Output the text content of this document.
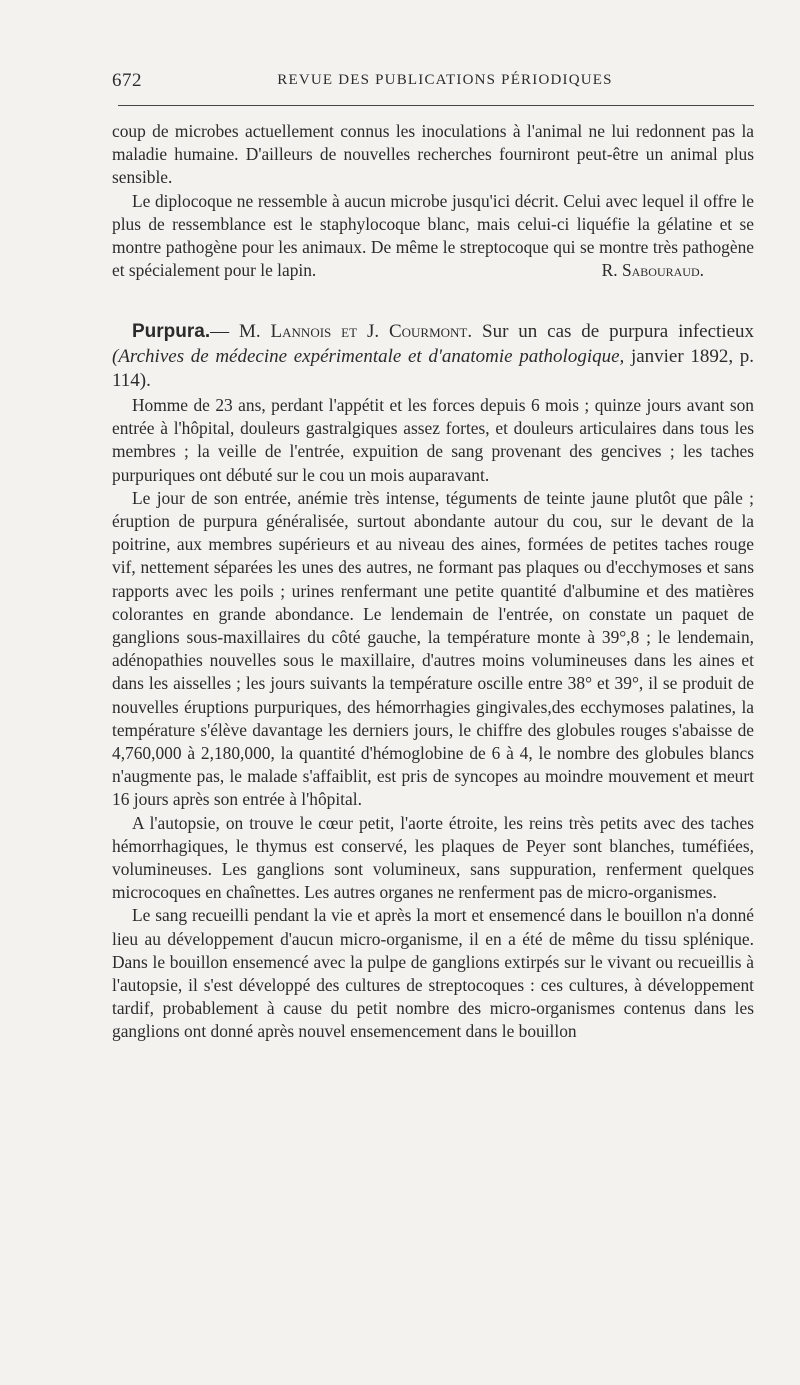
672	REVUE DES PUBLICATIONS PÉRIODIQUES

coup de microbes actuellement connus les inoculations à l'animal ne lui redonnent pas la maladie humaine. D'ailleurs de nouvelles recherches fourniront peut-être un animal plus sensible.

Le diplocoque ne ressemble à aucun microbe jusqu'ici décrit. Celui avec lequel il offre le plus de ressemblance est le staphylocoque blanc, mais celui-ci liquéfie la gélatine et se montre pathogène pour les animaux. De même le streptocoque qui se montre très pathogène et spécialement pour le lapin.	R. Sabouraud.

Purpura.— M. Lannois et J. Courmont. Sur un cas de purpura infectieux (Archives de médecine expérimentale et d'anatomie pathologique, janvier 1892, p. 114).

Homme de 23 ans, perdant l'appétit et les forces depuis 6 mois ; quinze jours avant son entrée à l'hôpital, douleurs gastralgiques assez fortes, et douleurs articulaires dans tous les membres ; la veille de l'entrée, expuition de sang provenant des gencives ; les taches purpuriques ont débuté sur le cou un mois auparavant.

Le jour de son entrée, anémie très intense, téguments de teinte jaune plutôt que pâle ; éruption de purpura généralisée, surtout abondante autour du cou, sur le devant de la poitrine, aux membres supérieurs et au niveau des aines, formées de petites taches rouge vif, nettement séparées les unes des autres, ne formant pas plaques ou d'ecchymoses et sans rapports avec les poils ; urines renfermant une petite quantité d'albumine et des matières colorantes en grande abondance. Le lendemain de l'entrée, on constate un paquet de ganglions sous-maxillaires du côté gauche, la température monte à 39°,8 ; le lendemain, adénopathies nouvelles sous le maxillaire, d'autres moins volumineuses dans les aines et dans les aisselles ; les jours suivants la température oscille entre 38° et 39°, il se produit de nouvelles éruptions purpuriques, des hémorrhagies gingivales,des ecchymoses palatines, la température s'élève davantage les derniers jours, le chiffre des globules rouges s'abaisse de 4,760,000 à 2,180,000, la quantité d'hémoglobine de 6 à 4, le nombre des globules blancs n'augmente pas, le malade s'affaiblit, est pris de syncopes au moindre mouvement et meurt 16 jours après son entrée à l'hôpital.

A l'autopsie, on trouve le cœur petit, l'aorte étroite, les reins très petits avec des taches hémorrhagiques, le thymus est conservé, les plaques de Peyer sont blanches, tuméfiées, volumineuses. Les ganglions sont volumineux, sans suppuration, renferment quelques microcoques en chaînettes. Les autres organes ne renferment pas de micro-organismes.

Le sang recueilli pendant la vie et après la mort et ensemencé dans le bouillon n'a donné lieu au développement d'aucun micro-organisme, il en a été de même du tissu splénique. Dans le bouillon ensemencé avec la pulpe de ganglions extirpés sur le vivant ou recueillis à l'autopsie, il s'est développé des cultures de streptocoques : ces cultures, à développement tardif, probablement à cause du petit nombre des micro-organismes contenus dans les ganglions ont donné après nouvel ensemencement dans le bouillon
